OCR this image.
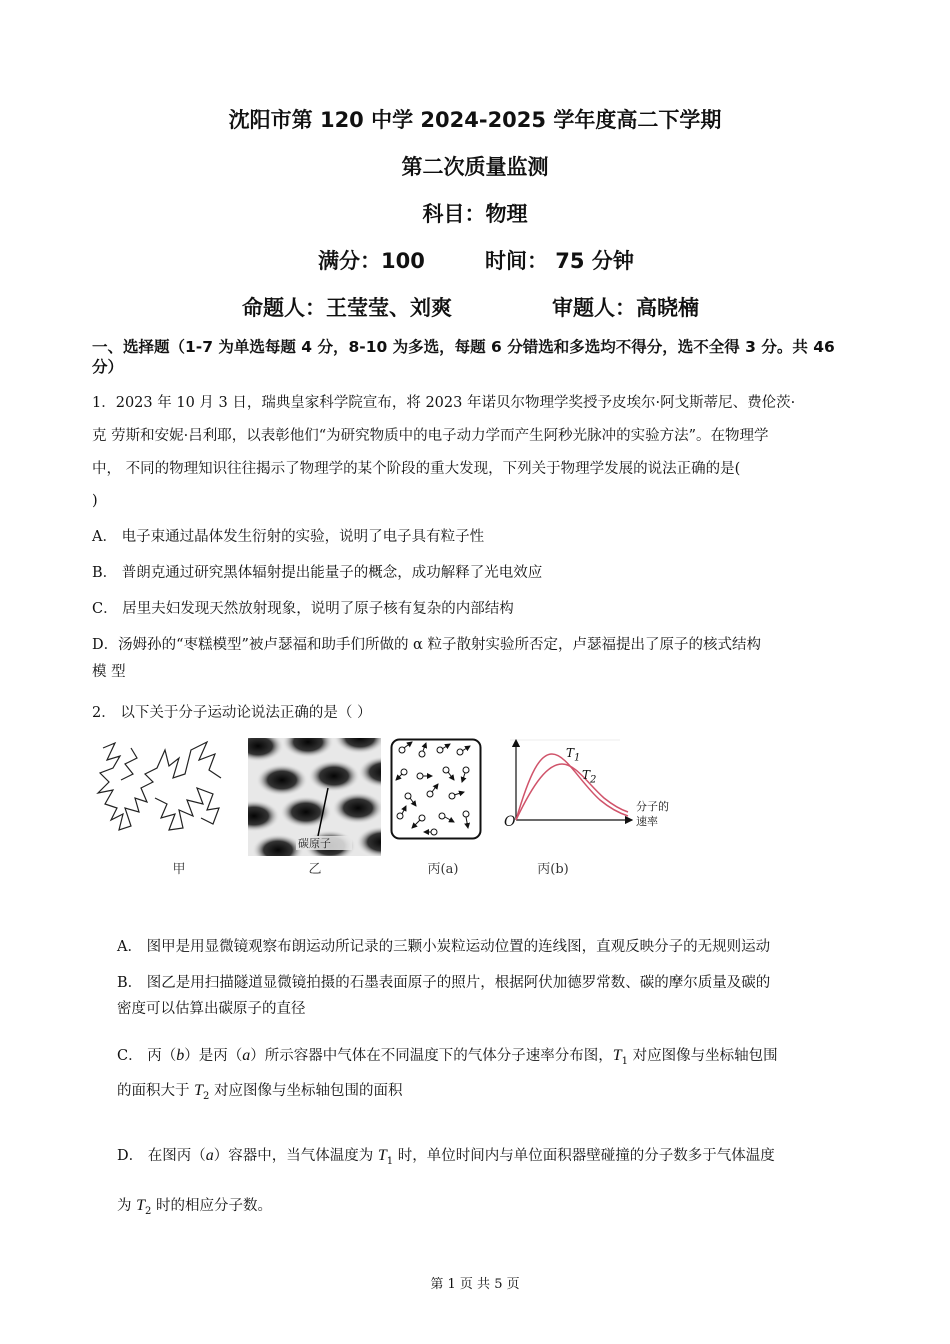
沈阳市第 120 中学 2024-2025 学年度高二下学期
第二次质量监测
科目：物理
满分：100	时间： 75 分钟
命题人：王莹莹、刘爽	审题人：高晓楠
一、选择题（1-7 为单选每题 4 分，8-10 为多选，每题 6 分错选和多选均不得分，选不全得 3 分。共 46 分）
1．2023 年 10 月 3 日，瑞典皇家科学院宣布，将 2023 年诺贝尔物理学奖授予皮埃尔·阿戈斯蒂尼、费伦茨·
克 劳斯和安妮·吕利耶，以表彰他们“为研究物质中的电子动力学而产生阿秒光脉冲的实验方法”。在物理学
中， 不同的物理知识往往揭示了物理学的某个阶段的重大发现，下列关于物理学发展的说法正确的是(
)
A． 电子束通过晶体发生衍射的实验，说明了电子具有粒子性
B． 普朗克通过研究黑体辐射提出能量子的概念，成功解释了光电效应
C． 居里夫妇发现天然放射现象，说明了原子核有复杂的内部结构
D．汤姆孙的“枣糕模型”被卢瑟福和助手们所做的 α 粒子散射实验所否定，卢瑟福提出了原子的核式结构
模 型
2． 以下关于分子运动论说法正确的是（ ）
甲
碳原子
乙	丙(a)
O
$T_1$
$T_2$
分子的
速率
丙(b)
A． 图甲是用显微镜观察布朗运动所记录的三颗小炭粒运动位置的连线图，直观反映分子的无规则运动
B． 图乙是用扫描隧道显微镜拍摄的石墨表面原子的照片，根据阿伏加德罗常数、碳的摩尔质量及碳的
密度可以估算出碳原子的直径
C． 丙（b）是丙（a）所示容器中气体在不同温度下的气体分子速率分布图，$T_1$ 对应图像与坐标轴包围
的面积大于 $T_2$ 对应图像与坐标轴包围的面积
D． 在图丙（a）容器中，当气体温度为 $T_1$ 时，单位时间内与单位面积器壁碰撞的分子数多于气体温度
为 $T_2$ 时的相应分子数。
第 1 页 共 5 页
